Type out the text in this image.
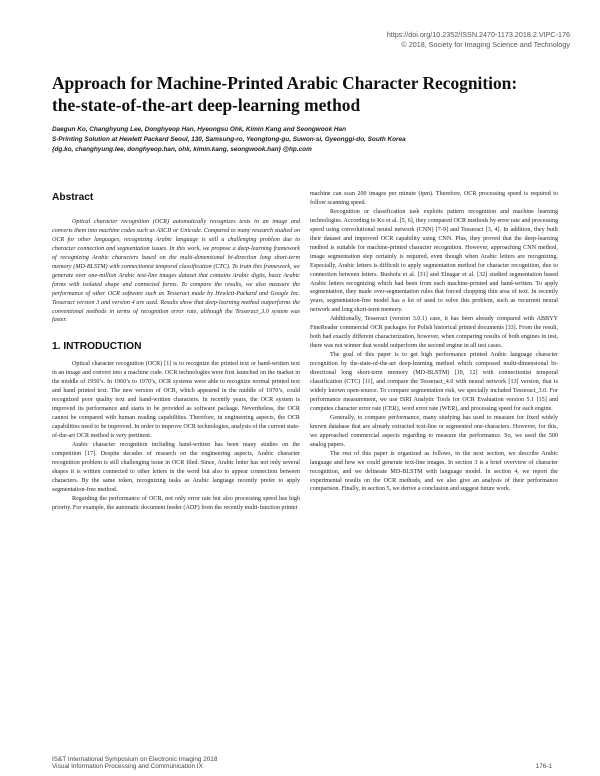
https://doi.org/10.2352/ISSN.2470-1173.2018.2.VIPC-176
© 2018, Society for Imaging Science and Technology
Approach for Machine-Printed Arabic Character Recognition:
the-state-of-the-art deep-learning method
Daegun Ko, Changhyung Lee, Donghyeop Han, Hyeongsu Ohk, Kimin Kang and Seongwook Han
S-Printing Solution at Hewlett Packard Seoul, 130, Samsung-ro, Yeongtong-gu, Suwon-si, Gyeonggi-do, South Korea
{dg.ko, changhyung.lee, donghyeop.han, ohk, kimin.kang, seongwook.han} @hp.com
Abstract
Optical character recognition (OCR) automatically recognizes texts in an image and converts them into machine codes such as ASCII or Unicode. Compared to many research studied on OCR for other languages, recognizing Arabic language is still a challenging problem due to character connection and segmentation issues. In this work, we propose a deep-learning framework of recognizing Arabic characters based on the multi-dimensional bi-direction long short-term memory (MD-BLSTM) with connectionist temporal classification (CTC). To train this framework, we generate over one-million Arabic text-line images dataset that contains Arabic digits, basic Arabic forms with isolated shape and connected forms. To compare the results, we also measure the performance of other OCR software such as Tesseract made by Hewlett-Packard and Google Inc. Tesseract version 3 and version 4 are used. Results show that deep-learning method outperforms the conventional methods in terms of recognition error rate, although the Tesseract_3.0 system was faster.
1. INTRODUCTION
Optical character recognition (OCR) [1] is to recognize the printed text or hand-written text in an image and convert into a machine code. OCR technologies were first launched on the market in the middle of 1950’s. In 1960’s to 1970’s, OCR systems were able to recognize normal printed text and hand printed text. The new version of OCR, which appeared in the middle of 1970’s, could recognized poor quality text and hand-written characters. In recently years, the OCR system is improved its performance and starts to be provided as software package. Nevertheless, the OCR cannot be compared with human reading capabilities. Therefore, in engineering aspects, the OCR capabilities need to be improved. In order to improve OCR technologies, analysis of the current state-of-the-art OCR method is very pertinent.
Arabic character recognition including hand-written has been many studies on the competition [17]. Despite decades of research on the engineering aspects, Arabic character recognition problem is still challenging issue in OCR filed. Since, Arabic letter has not only several shapes it is written connected to other letters in the word but also to appear connection between characters. By the same token, recognizing tasks as Arabic language recently prefer to apply segmentation-free method.
Regarding the performance of OCR, not only error rate but also processing speed has high priority. For example, the automatic document feeder (ADF) from the recently multi-function printer
machine can scan 200 images per minute (ipm). Therefore, OCR processing speed is required to follow scanning speed.
Recognition or classification task exploits pattern recognition and machine learning technologies. According to Ko et al. [5, 6], they compared OCR methods by error rate and processing speed using convolutional neural network (CNN) [7-9] and Tesseract [3, 4]. In addition, they built their dataset and improved OCR capability using CNN. Plus, they proved that the deep-learning method is suitable for machine-printed character recognition. However, approaching CNN method, image segmentation step certainly is required, even though when Arabic letters are recognizing. Especially, Arabic letters is difficult to apply segmentation method for character recognition, due to connection between letters. Bushofa et al. [31] and Elnagar et al. [32] studied segmentation based Arabic letters recognizing which had been from each machine-printed and hand-written. To apply segmentation, they made over-segmentation rules that forced chopping thin area of text. In recently years, segmentation-free model has a lot of used to solve this problem, such as recurrent neural network and long short-term memory.
Additionally, Tesseract (version 3.0.1) case, it has been already compared with ABBYY FineReader commercial OCR packages for Polish historical printed documents [33]. From the result, both had exactly different characterization, however, when comparing results of both engines in test, there was not winner that would outperform the second engine in all test cases.
The goal of this paper is to get high performance printed Arabic language character recognition by the-state-of-the-art deep-learning method which composed multi-dimensional bi-directional long short-term memory (MD-BLSTM) [10, 12] with connectionist temporal classification (CTC) [11], and compare the Tesseract_4.0 with neural network [13] version, that is widely known open-source. To compare segmentation risk, we specially included Tesseract_3.0. For performance measurement, we use ISRI Analytic Tools for OCR Evaluation version 5.1 [15] and computes character error rate (CER), word error rate (WER), and processing speed for each engine.
Generally, to compare performance, many studying has used to measure for fixed widely known database that are already extracted text-line or segmented one-characters. However, for this, we approached commercial aspects regarding to measure the performance. So, we used the 500 analog papers.
The rest of this paper is organized as follows, in the next section, we describe Arabic language and how we could generate text-line images. In section 3 is a brief overview of character recognition, and we delineate MD-BLSTM with language model. In section 4, we report the experimental results on the OCR methods, and we also give an analysis of their performance comparison. Finally, in section 5, we derive a conclusion and suggest future work.
IS&T International Symposium on Electronic Imaging 2018
Visual Information Processing and Communication IX	176-1
